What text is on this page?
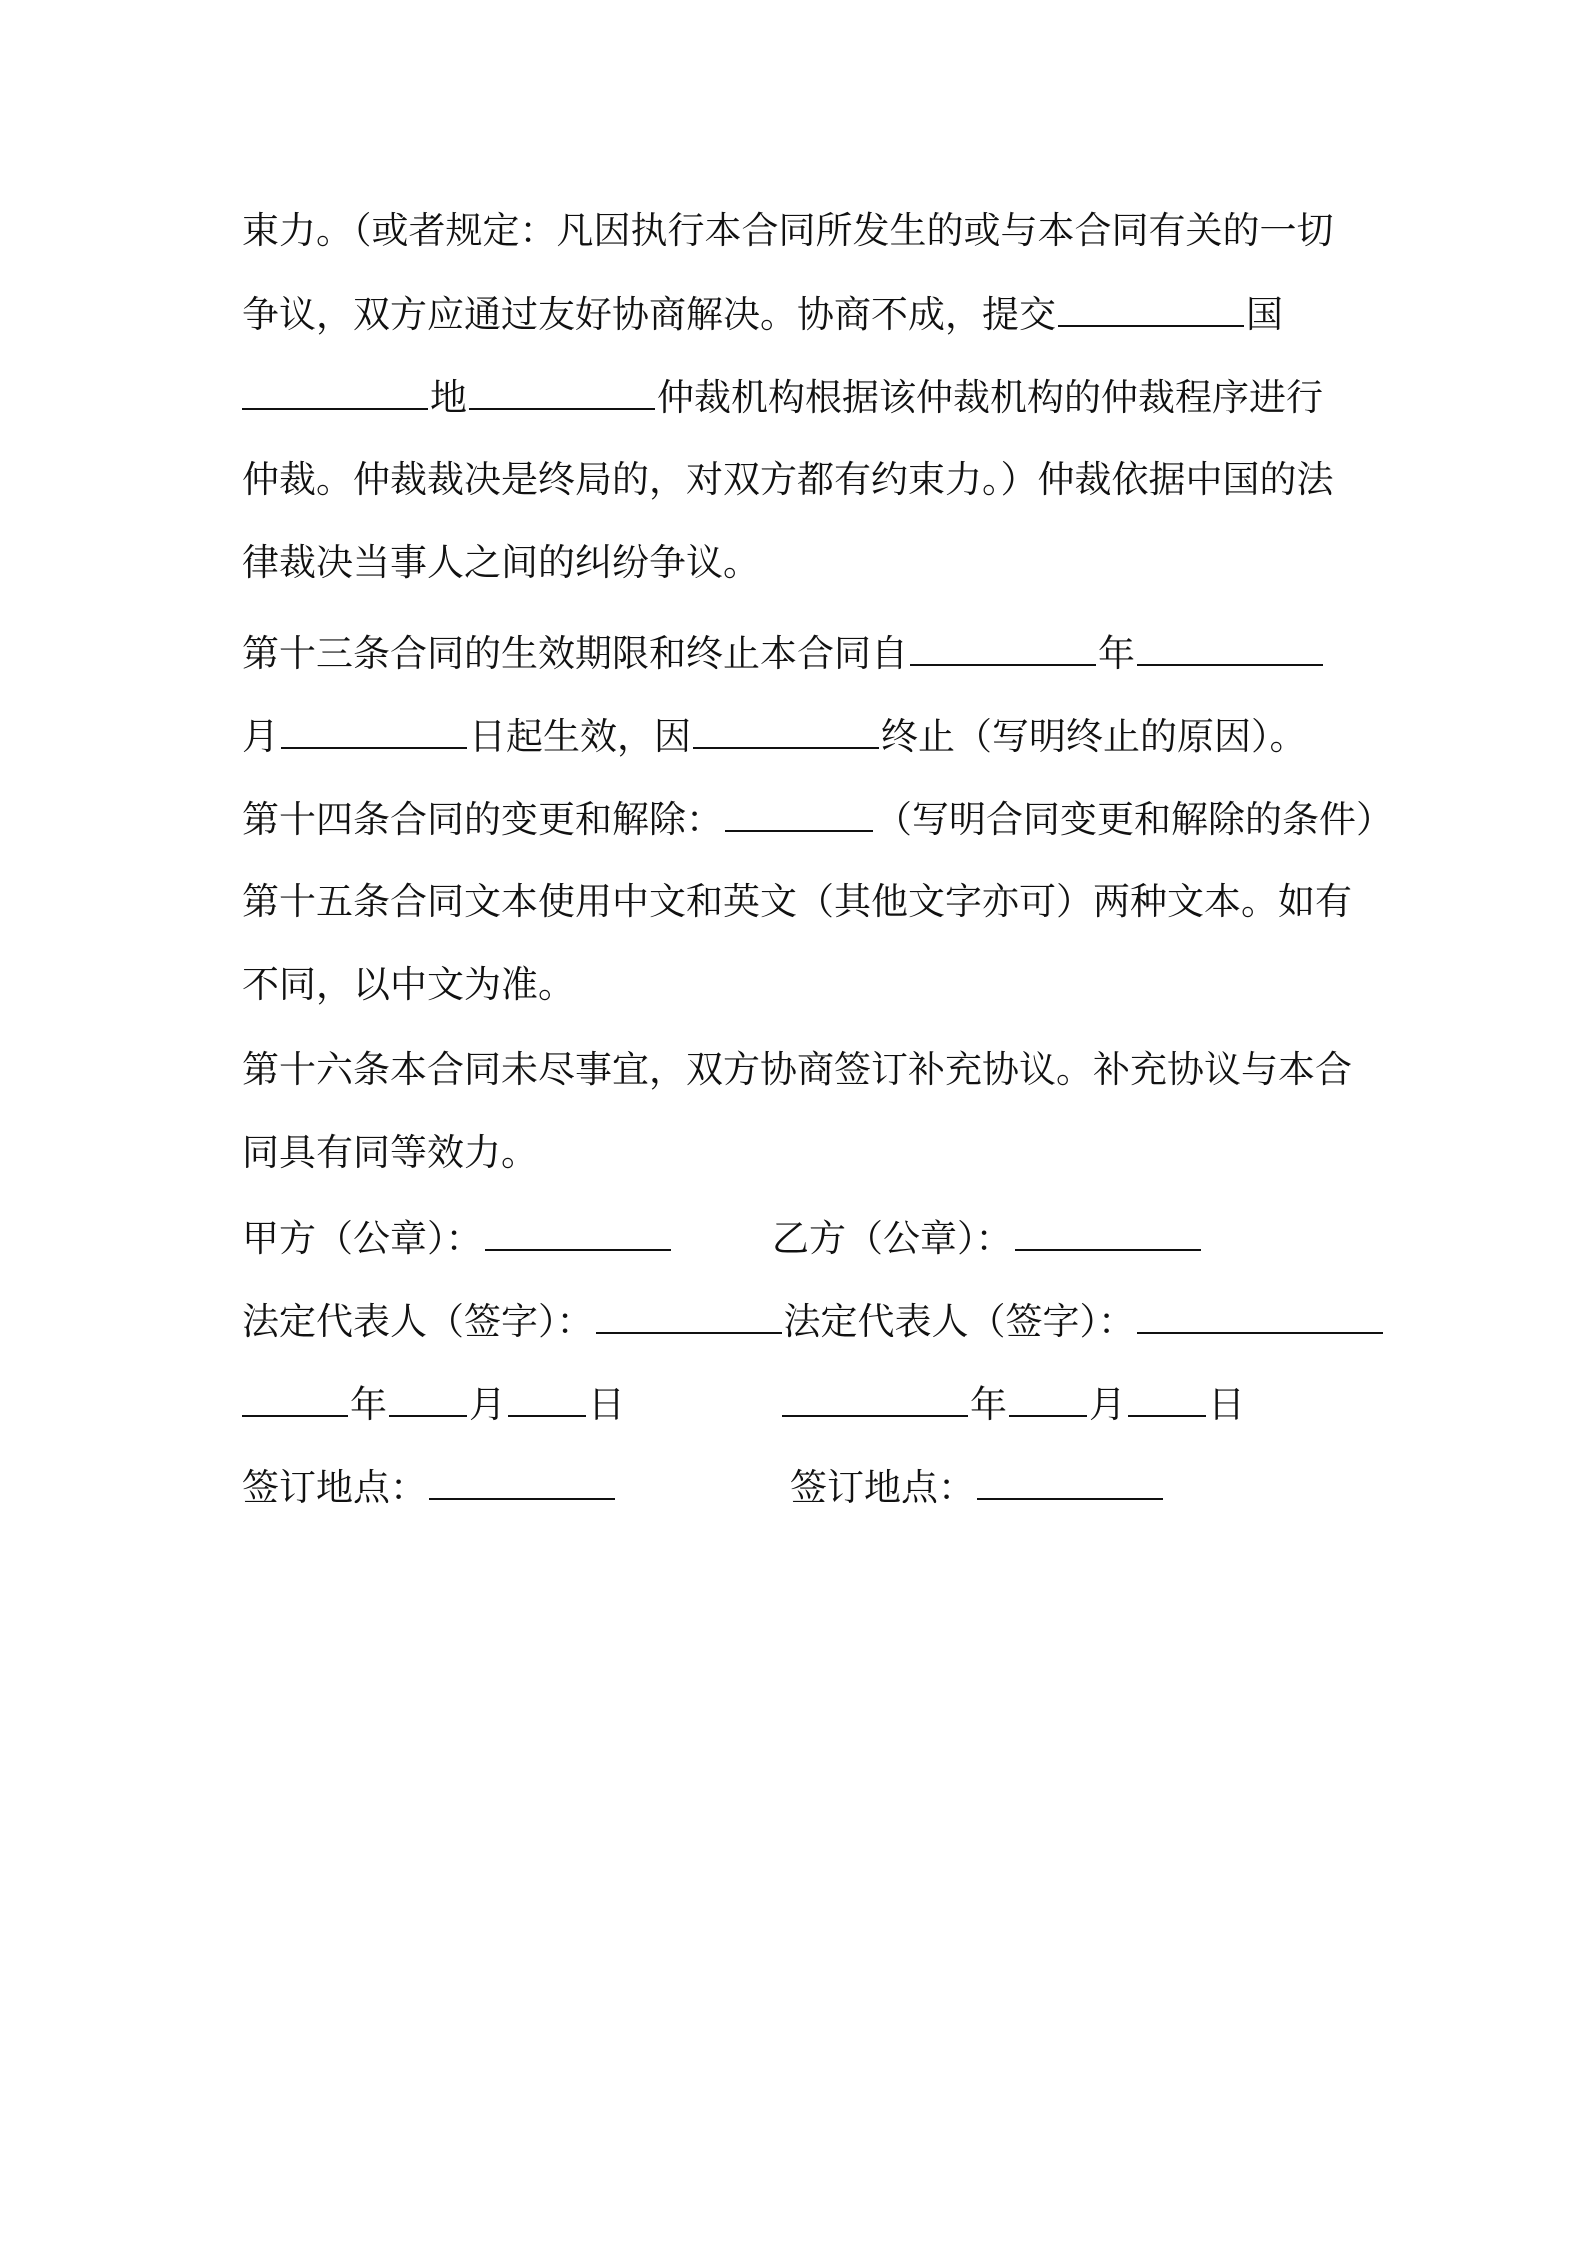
束力。（或者规定：凡因执行本合同所发生的或与本合同有关的一切
争议，双方应通过友好协商解决。协商不成，提交	国
地	仲裁机构根据该仲裁机构的仲裁程序进行
仲裁。仲裁裁决是终局的，对双方都有约束力。）仲裁依据中国的法
律裁决当事人之间的纠纷争议。
第十三条合同的生效期限和终止本合同自	年
月	日起生效，因	终止（写明终止的原因）。
第十四条合同的变更和解除：	（写明合同变更和解除的条件）
第十五条合同文本使用中文和英文（其他文字亦可）两种文本。如有
不同，以中文为准。
第十六条本合同未尽事宜，双方协商签订补充协议。补充协议与本合
同具有同等效力。
甲方（公章）：	乙方（公章）：
法定代表人（签字）：	法定代表人（签字）：
年 月 日	年 月 日
签订地点：	签订地点：
